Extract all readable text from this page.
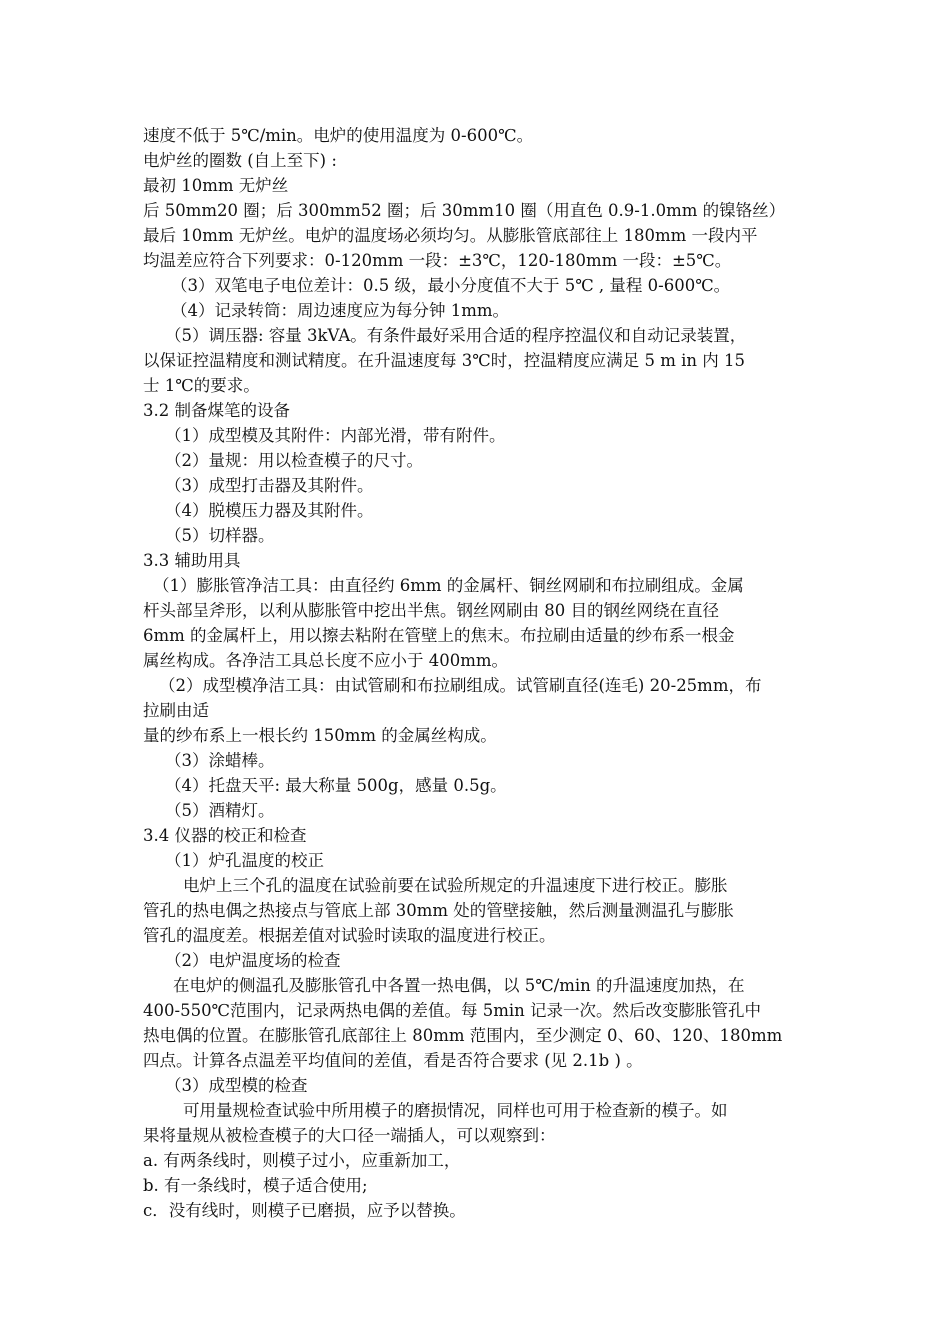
速度不低于 5℃/min。电炉的使用温度为 0-600℃。
电炉丝的圈数 (自上至下) :
最初 10mm 无炉丝
后 50mm20 圈；后 300mm52 圈；后 30mm10 圈（用直色 0.9-1.0mm 的镍铬丝）
最后 10mm 无炉丝。电炉的温度场必须均匀。从膨胀管底部往上 180mm 一段内平
均温差应符合下列要求：0-120mm 一段：±3℃，120-180mm 一段：±5℃。
（3）双笔电子电位差计：0.5 级，最小分度值不大于 5℃ , 量程 0-600℃。
（4）记录转筒：周边速度应为每分钟 1mm。
（5）调压器: 容量 3kVA。有条件最好采用合适的程序控温仪和自动记录装置，
以保证控温精度和测试精度。在升温速度每 3℃时，控温精度应满足 5 m in 内 15
士 1℃的要求。
3.2 制备煤笔的设备
（1）成型模及其附件：内部光滑，带有附件。
（2）量规：用以检查模子的尺寸。
（3）成型打击器及其附件。
（4）脱模压力器及其附件。
（5）切样器。
3.3 辅助用具
（1）膨胀管净洁工具：由直径约 6mm 的金属杆、铜丝网刷和布拉刷组成。金属
杆头部呈斧形，以利从膨胀管中挖出半焦。钢丝网刷由 80 目的钢丝网绕在直径
6mm 的金属杆上，用以擦去粘附在管壁上的焦末。布拉刷由适量的纱布系一根金
属丝构成。各净洁工具总长度不应小于 400mm。
（2）成型模净洁工具：由试管刷和布拉刷组成。试管刷直径(连毛) 20-25mm，布
拉刷由适
量的纱布系上一根长约 150mm 的金属丝构成。
（3）涂蜡棒。
（4）托盘天平: 最大称量 500g，感量 0.5g。
（5）酒精灯。
3.4 仪器的校正和检查
（1）炉孔温度的校正
电炉上三个孔的温度在试验前要在试验所规定的升温速度下进行校正。膨胀
管孔的热电偶之热接点与管底上部 30mm 处的管壁接触，然后测量测温孔与膨胀
管孔的温度差。根据差值对试验时读取的温度进行校正。
（2）电炉温度场的检查
在电炉的侧温孔及膨胀管孔中各置一热电偶，以 5℃/min 的升温速度加热，在
400-550℃范围内，记录两热电偶的差值。每 5min 记录一次。然后改变膨胀管孔中
热电偶的位置。在膨胀管孔底部往上 80mm 范围内，至少测定 0、60、120、180mm
四点。计算各点温差平均值间的差值，看是否符合要求 (见 2.1b ) 。
（3）成型模的检查
可用量规检查试验中所用模子的磨损情况，同样也可用于检查新的模子。如
果将量规从被检查模子的大口径一端插人，可以观察到：
a. 有两条线时，则模子过小，应重新加工，
b. 有一条线时，模子适合使用;
c．没有线时，则模子已磨损，应予以替换。
